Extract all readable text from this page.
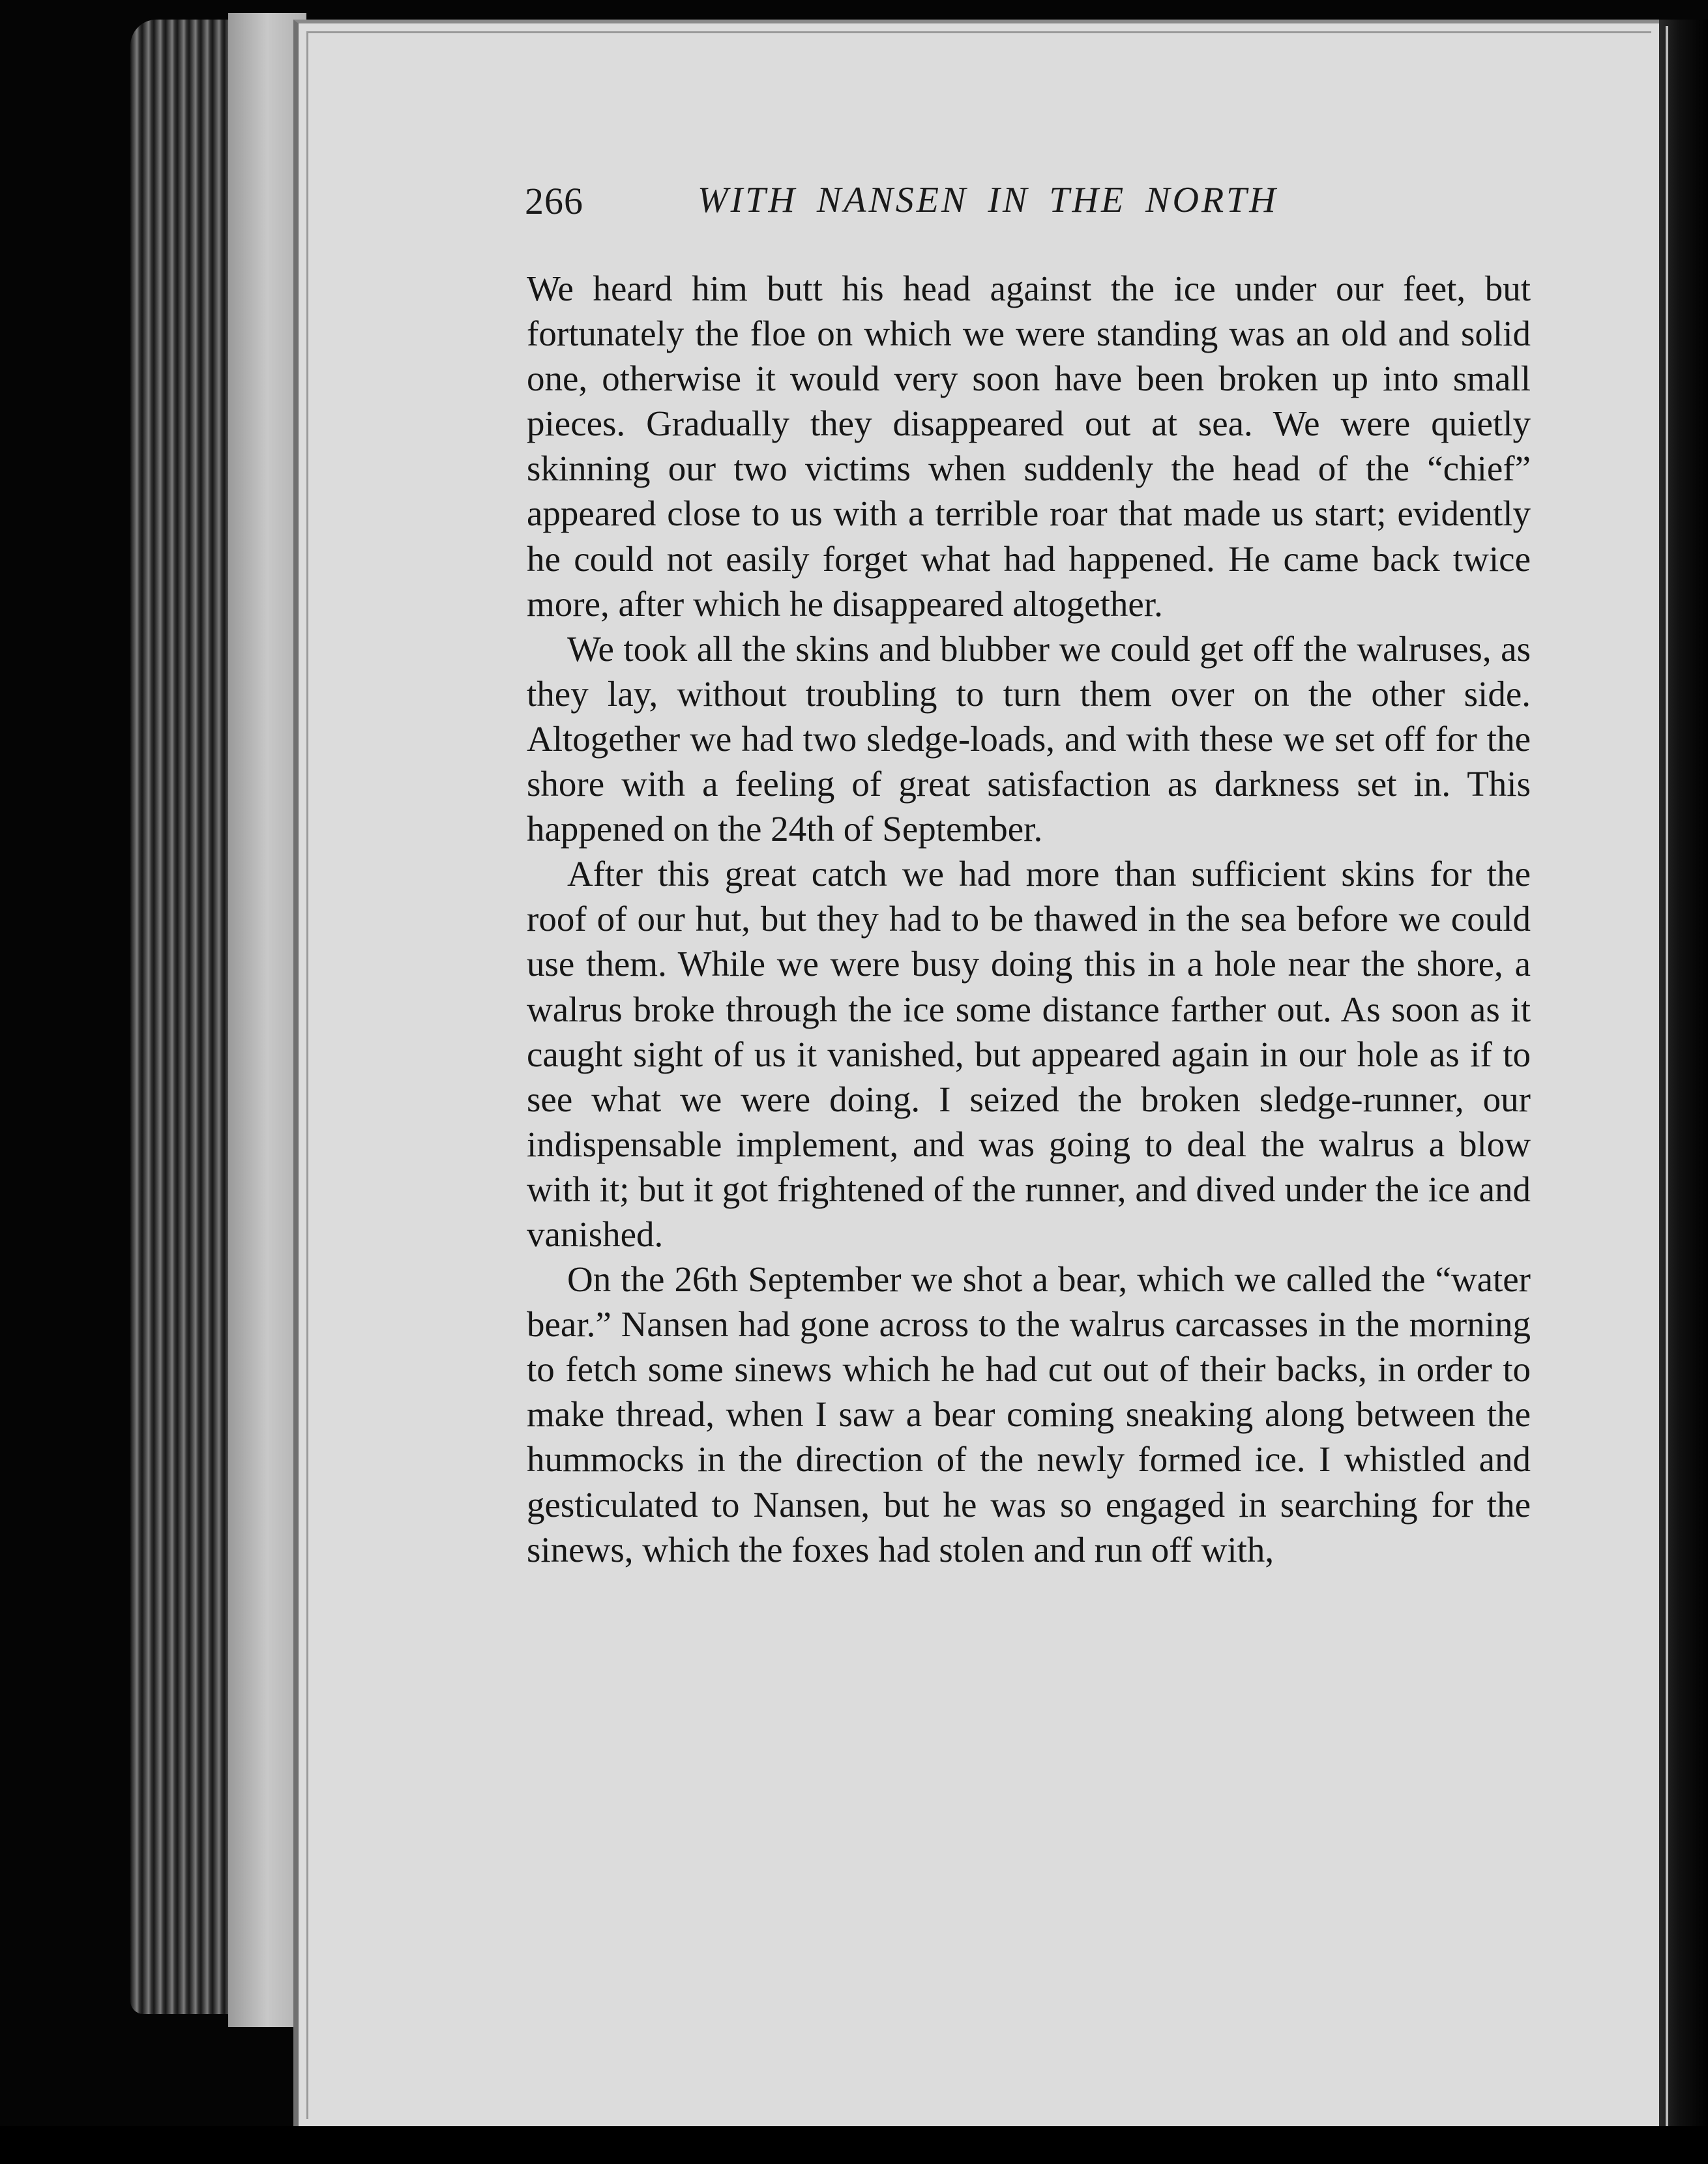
266	WITH NANSEN IN THE NORTH

We heard him butt his head against the ice under our feet, but fortunately the floe on which we were standing was an old and solid one, otherwise it would very soon have been broken up into small pieces. Gradually they disappeared out at sea. We were quietly skinning our two victims when suddenly the head of the “chief” appeared close to us with a terrible roar that made us start; evidently he could not easily forget what had happened. He came back twice more, after which he disappeared altogether.

We took all the skins and blubber we could get off the walruses, as they lay, without troubling to turn them over on the other side. Altogether we had two sledge-loads, and with these we set off for the shore with a feeling of great satisfaction as darkness set in. This happened on the 24th of September.

After this great catch we had more than sufficient skins for the roof of our hut, but they had to be thawed in the sea before we could use them. While we were busy doing this in a hole near the shore, a walrus broke through the ice some distance farther out. As soon as it caught sight of us it vanished, but appeared again in our hole as if to see what we were doing. I seized the broken sledge-runner, our indispensable implement, and was going to deal the walrus a blow with it; but it got frightened of the runner, and dived under the ice and vanished.

On the 26th September we shot a bear, which we called the “water bear.” Nansen had gone across to the walrus carcasses in the morning to fetch some sinews which he had cut out of their backs, in order to make thread, when I saw a bear coming sneaking along between the hummocks in the direction of the newly formed ice. I whistled and gesticulated to Nansen, but he was so engaged in searching for the sinews, which the foxes had stolen and run off with,
